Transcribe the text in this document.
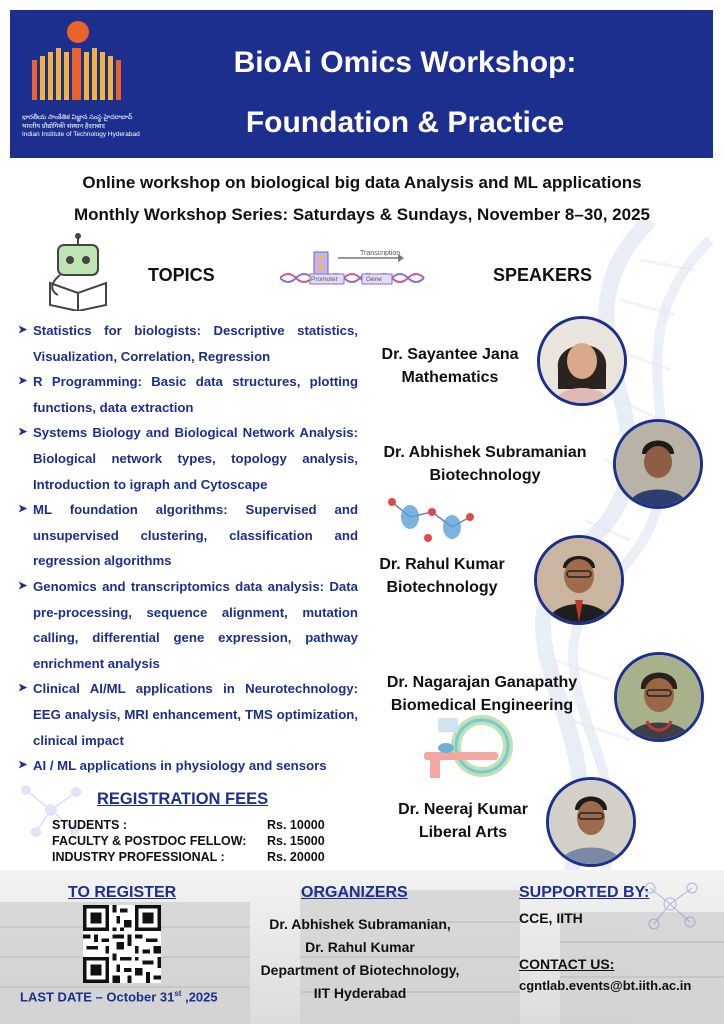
భారతీయ సాంకేతిక విజ్ఞాన సంస్థ హైదరాబాద్
भारतीय प्रौद्योगिकी संस्थान हैदराबाद
Indian Institute of Technology Hyderabad
BioAi Omics Workshop:
Foundation & Practice
Online workshop on biological big data Analysis and ML applications
Monthly Workshop Series: Saturdays & Sundays, November 8–30, 2025
TOPICS
Transcription
Promoter	Gene	SPEAKERS
➤ Statistics for biologists: Descriptive statistics, Visualization, Correlation, Regression
➤ R Programming: Basic data structures, plotting functions, data extraction
➤ Systems Biology and Biological Network Analysis: Biological network types, topology analysis, Introduction to igraph and Cytoscape
➤ ML foundation algorithms: Supervised and unsupervised clustering, classification and regression algorithms
➤ Genomics and transcriptomics data analysis: Data pre-processing, sequence alignment, mutation calling, differential gene expression, pathway enrichment analysis
➤ Clinical AI/ML applications in Neurotechnology: EEG analysis, MRI enhancement, TMS optimization, clinical impact
➤ AI / ML applications in physiology and sensors
Dr. Sayantee Jana
Mathematics
Dr. Abhishek Subramanian
Biotechnology
Dr. Rahul Kumar
Biotechnology
Dr. Nagarajan Ganapathy
Biomedical Engineering
Dr. Neeraj Kumar
Liberal Arts
REGISTRATION FEES
STUDENTS :	Rs. 10000
FACULTY & POSTDOC FELLOW: Rs. 15000
INDUSTRY PROFESSIONAL :	Rs. 20000
TO REGISTER
LAST DATE – October 31st ,2025
ORGANIZERS
Dr. Abhishek Subramanian,
Dr. Rahul Kumar
Department of Biotechnology,
IIT Hyderabad
SUPPORTED BY:
CCE, IITH
CONTACT US:
cgntlab.events@bt.iith.ac.in
